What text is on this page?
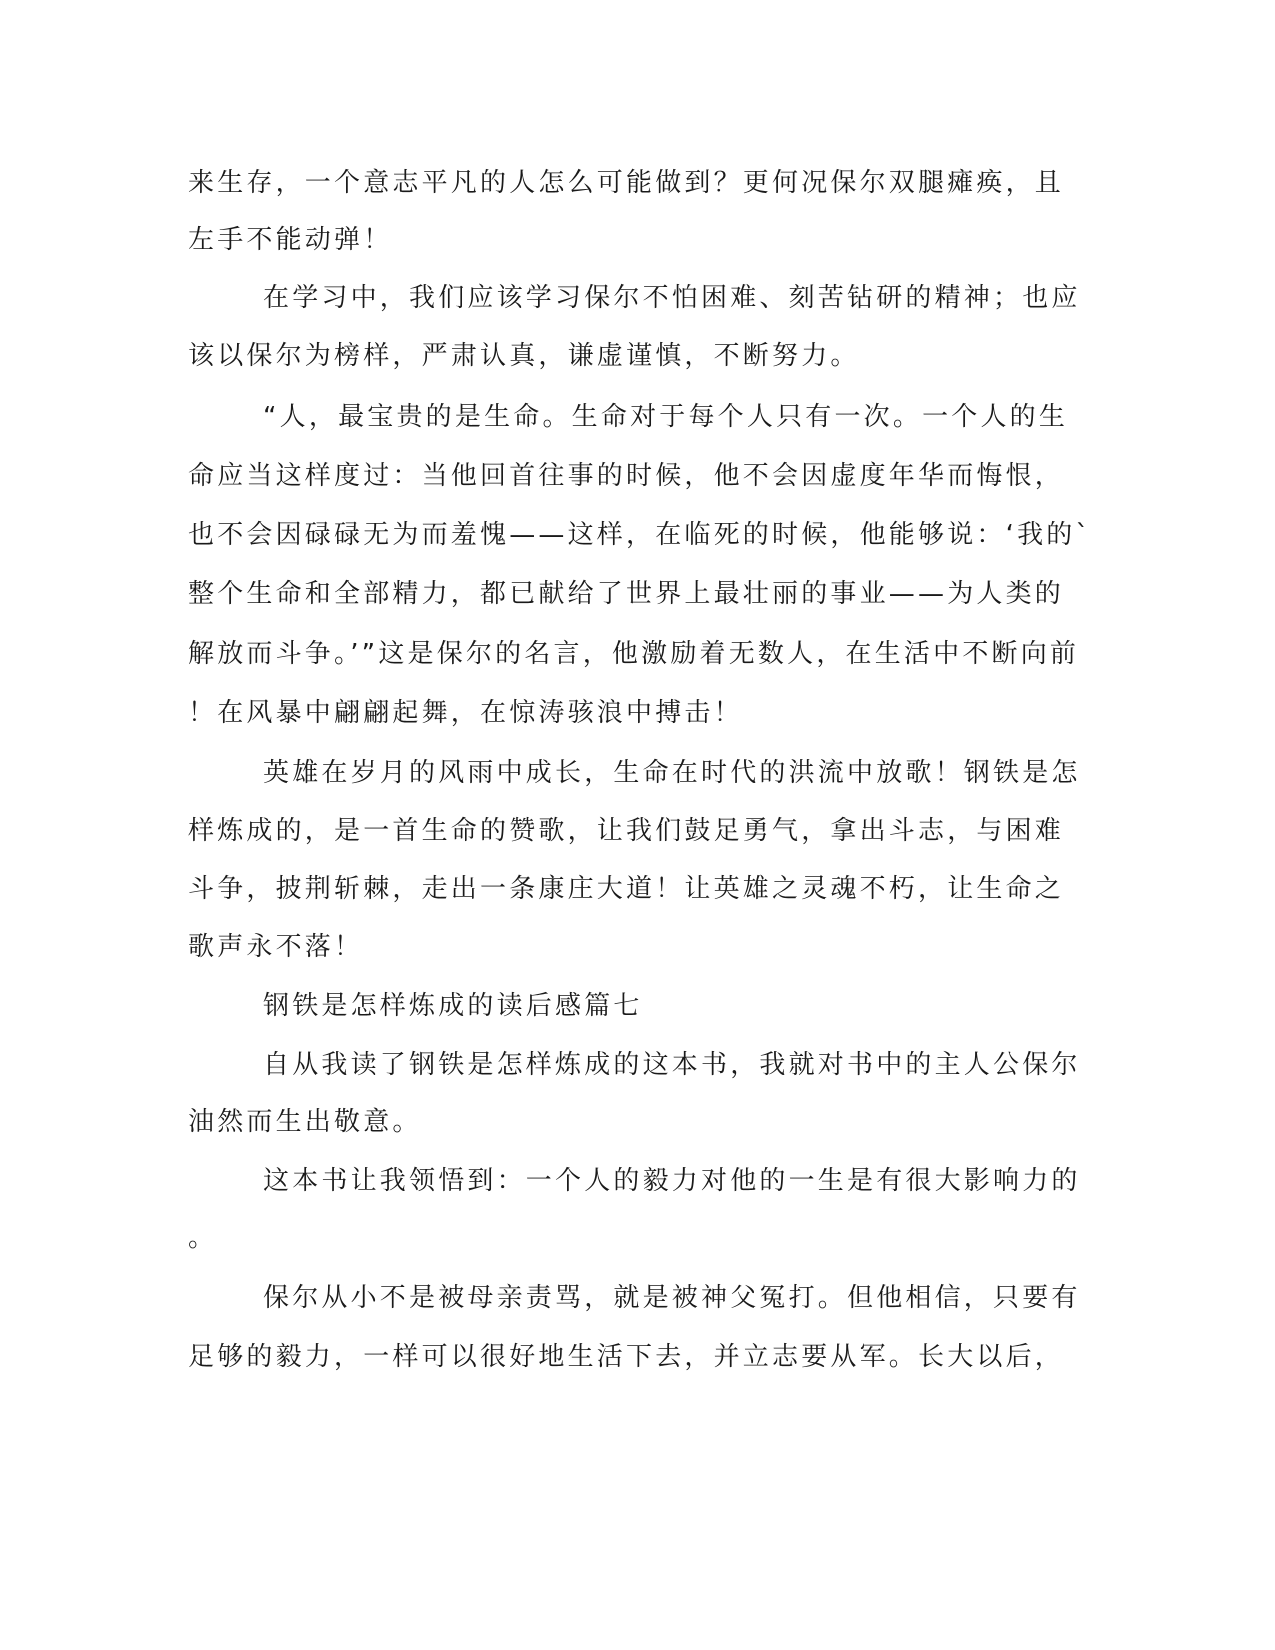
来生存，一个意志平凡的人怎么可能做到？更何况保尔双腿瘫痪，且
左手不能动弹！
在学习中，我们应该学习保尔不怕困难、刻苦钻研的精神；也应
该以保尔为榜样，严肃认真，谦虚谨慎，不断努力。
“人，最宝贵的是生命。生命对于每个人只有一次。一个人的生
命应当这样度过：当他回首往事的时候，他不会因虚度年华而悔恨，
也不会因碌碌无为而羞愧——这样，在临死的时候，他能够说：‘我的`
整个生命和全部精力，都已献给了世界上最壮丽的事业——为人类的
解放而斗争。’”这是保尔的名言，他激励着无数人，在生活中不断向前
！在风暴中翩翩起舞，在惊涛骇浪中搏击！
英雄在岁月的风雨中成长，生命在时代的洪流中放歌！钢铁是怎
样炼成的，是一首生命的赞歌，让我们鼓足勇气，拿出斗志，与困难
斗争，披荆斩棘，走出一条康庄大道！让英雄之灵魂不朽，让生命之
歌声永不落！
钢铁是怎样炼成的读后感篇七
自从我读了钢铁是怎样炼成的这本书，我就对书中的主人公保尔
油然而生出敬意。
这本书让我领悟到：一个人的毅力对他的一生是有很大影响力的
。
保尔从小不是被母亲责骂，就是被神父冤打。但他相信，只要有
足够的毅力，一样可以很好地生活下去，并立志要从军。长大以后，
